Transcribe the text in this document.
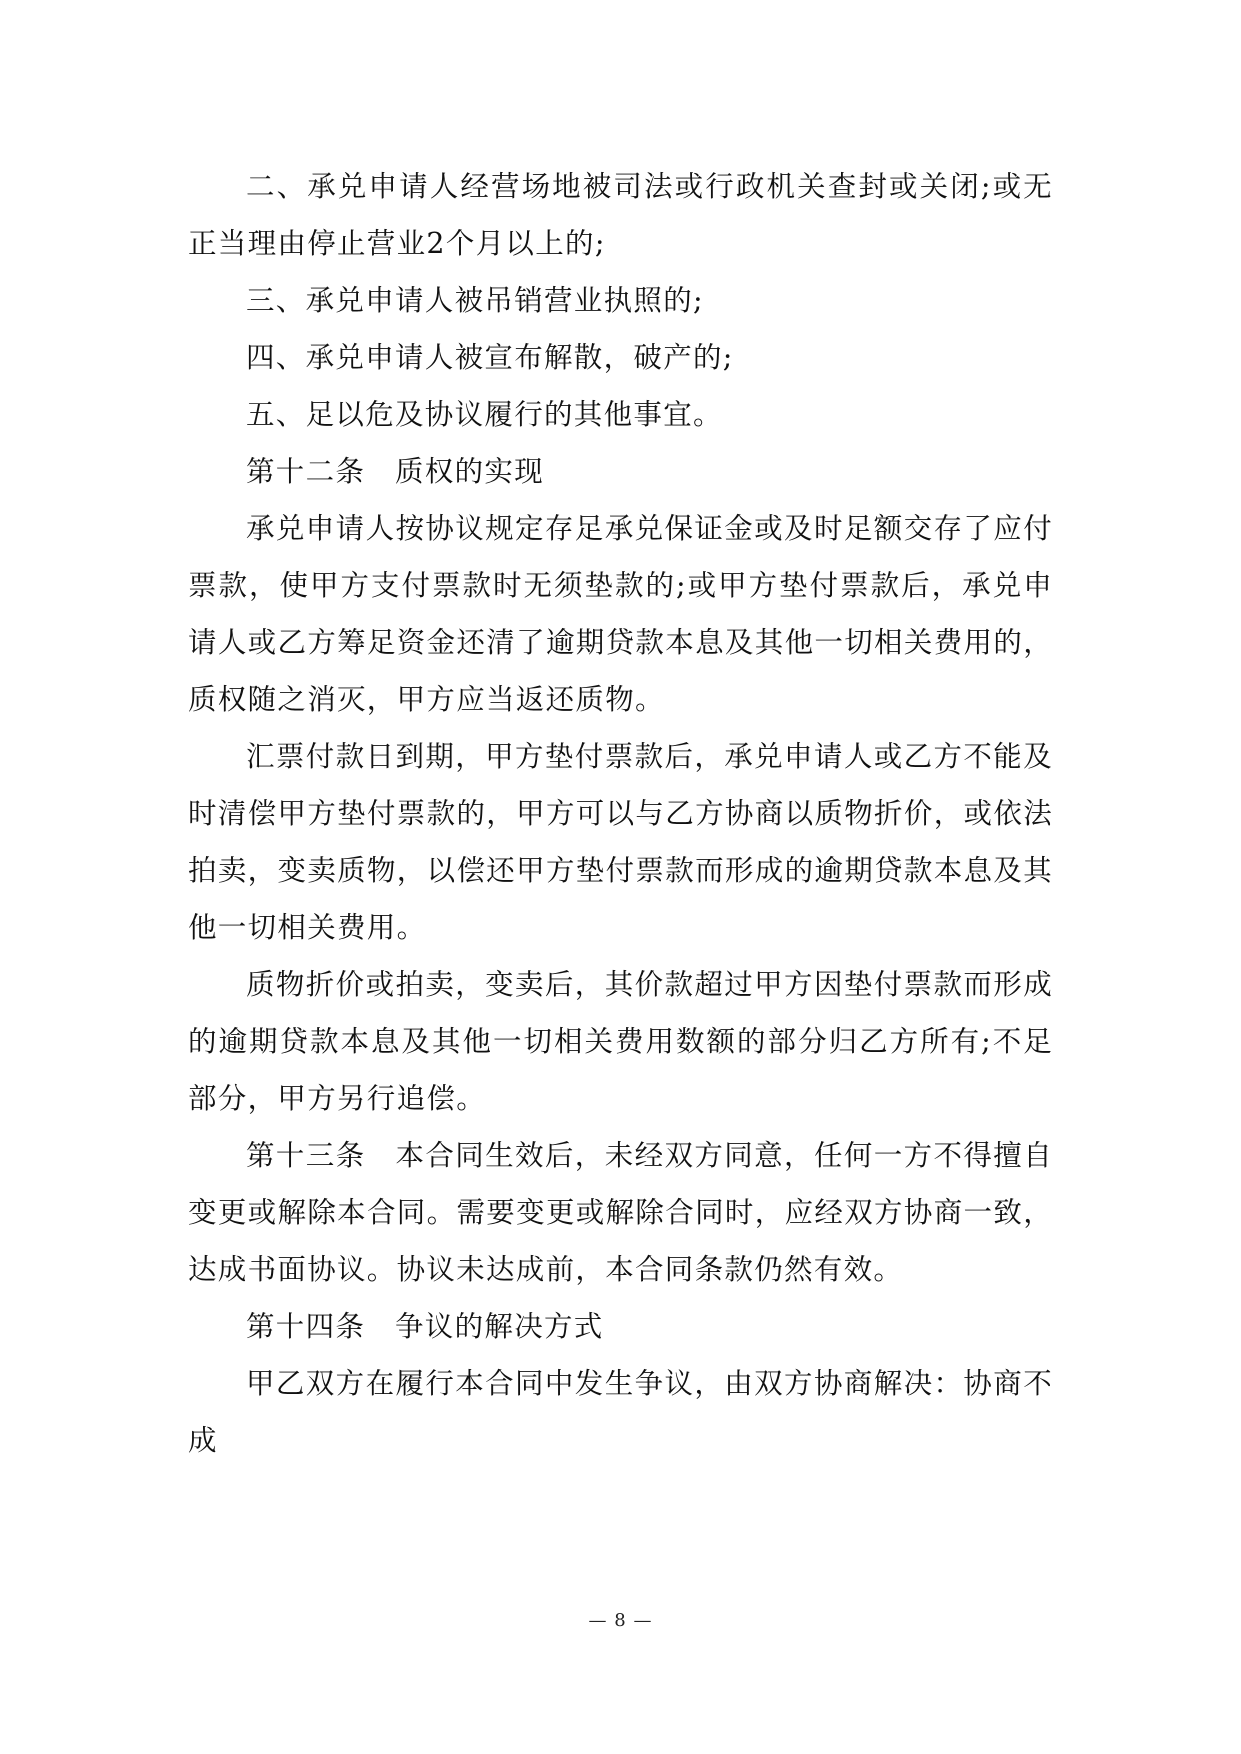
二、承兑申请人经营场地被司法或行政机关查封或关闭;或无正当理由停止营业2个月以上的;

三、承兑申请人被吊销营业执照的;

四、承兑申请人被宣布解散，破产的;

五、足以危及协议履行的其他事宜。

第十二条　质权的实现

承兑申请人按协议规定存足承兑保证金或及时足额交存了应付票款，使甲方支付票款时无须垫款的;或甲方垫付票款后，承兑申请人或乙方筹足资金还清了逾期贷款本息及其他一切相关费用的，质权随之消灭，甲方应当返还质物。

汇票付款日到期，甲方垫付票款后，承兑申请人或乙方不能及时清偿甲方垫付票款的，甲方可以与乙方协商以质物折价，或依法拍卖，变卖质物，以偿还甲方垫付票款而形成的逾期贷款本息及其他一切相关费用。

质物折价或拍卖，变卖后，其价款超过甲方因垫付票款而形成的逾期贷款本息及其他一切相关费用数额的部分归乙方所有;不足部分，甲方另行追偿。

第十三条　本合同生效后，未经双方同意，任何一方不得擅自变更或解除本合同。需要变更或解除合同时，应经双方协商一致，达成书面协议。协议未达成前，本合同条款仍然有效。

第十四条　争议的解决方式

甲乙双方在履行本合同中发生争议，由双方协商解决：协商不成

— 8 —
